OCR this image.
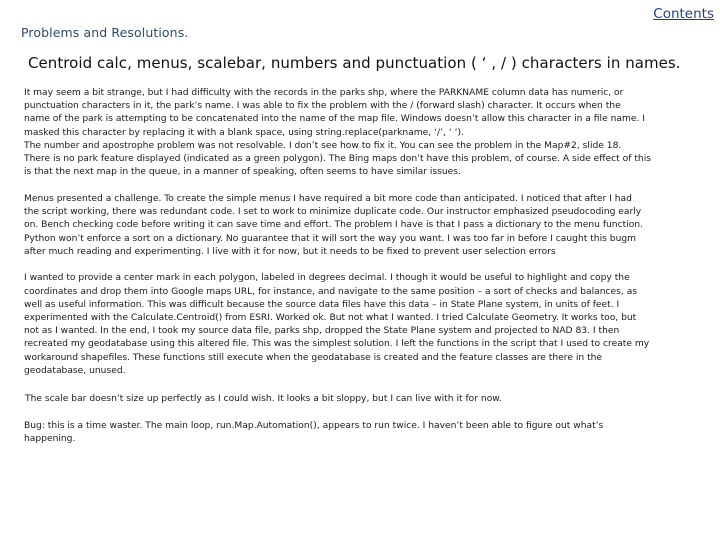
Problems and Resolutions.
Contents
Centroid calc, menus, scalebar, numbers and punctuation ( ‘ , / ) characters in names.
It may seem a bit strange, but I had difficulty with the records in the parks shp, where the PARKNAME column data has numeric, or
punctuation characters in it, the park’s name. I was able to fix the problem with the / (forward slash) character. It occurs when the
name of the park is attempting to be concatenated into the name of the map file. Windows doesn’t allow this character in a file name. I
masked this character by replacing it with a blank space, using string.replace(parkname, ‘/’, ‘ ‘).
The number and apostrophe problem was not resolvable. I don’t see how to fix it. You can see the problem in the Map#2, slide 18.
There is no park feature displayed (indicated as a green polygon). The Bing maps don’t have this problem, of course. A side effect of this
is that the next map in the queue, in a manner of speaking, often seems to have similar issues.
Menus presented a challenge. To create the simple menus I have required a bit more code than anticipated. I noticed that after I had
the script working, there was redundant code. I set to work to minimize duplicate code. Our instructor emphasized pseudocoding early
on. Bench checking code before writing it can save time and effort. The problem I have is that I pass a dictionary to the menu function.
Python won’t enforce a sort on a dictionary. No guarantee that it will sort the way you want. I was too far in before I caught this bugm
after much reading and experimenting. I live with it for now, but it needs to be fixed to prevent user selection errors
I wanted to provide a center mark in each polygon, labeled in degrees decimal. I though it would be useful to highlight and copy the
coordinates and drop them into Google maps URL, for instance, and navigate to the same position – a sort of checks and balances, as
well as useful information. This was difficult because the source data files have this data – in State Plane system, in units of feet. I
experimented with the Calculate.Centroid() from ESRI. Worked ok. But not what I wanted. I tried Calculate Geometry. It works too, but
not as I wanted. In the end, I took my source data file, parks shp, dropped the State Plane system and projected to NAD 83. I then
recreated my geodatabase using this altered file. This was the simplest solution. I left the functions in the script that I used to create my
workaround shapefiles. These functions still execute when the geodatabase is created and the feature classes are there in the
geodatabase, unused.
The scale bar doesn’t size up perfectly as I could wish. It looks a bit sloppy, but I can live with it for now.
Bug: this is a time waster. The main loop, run.Map.Automation(), appears to run twice. I haven’t been able to figure out what’s
happening.
